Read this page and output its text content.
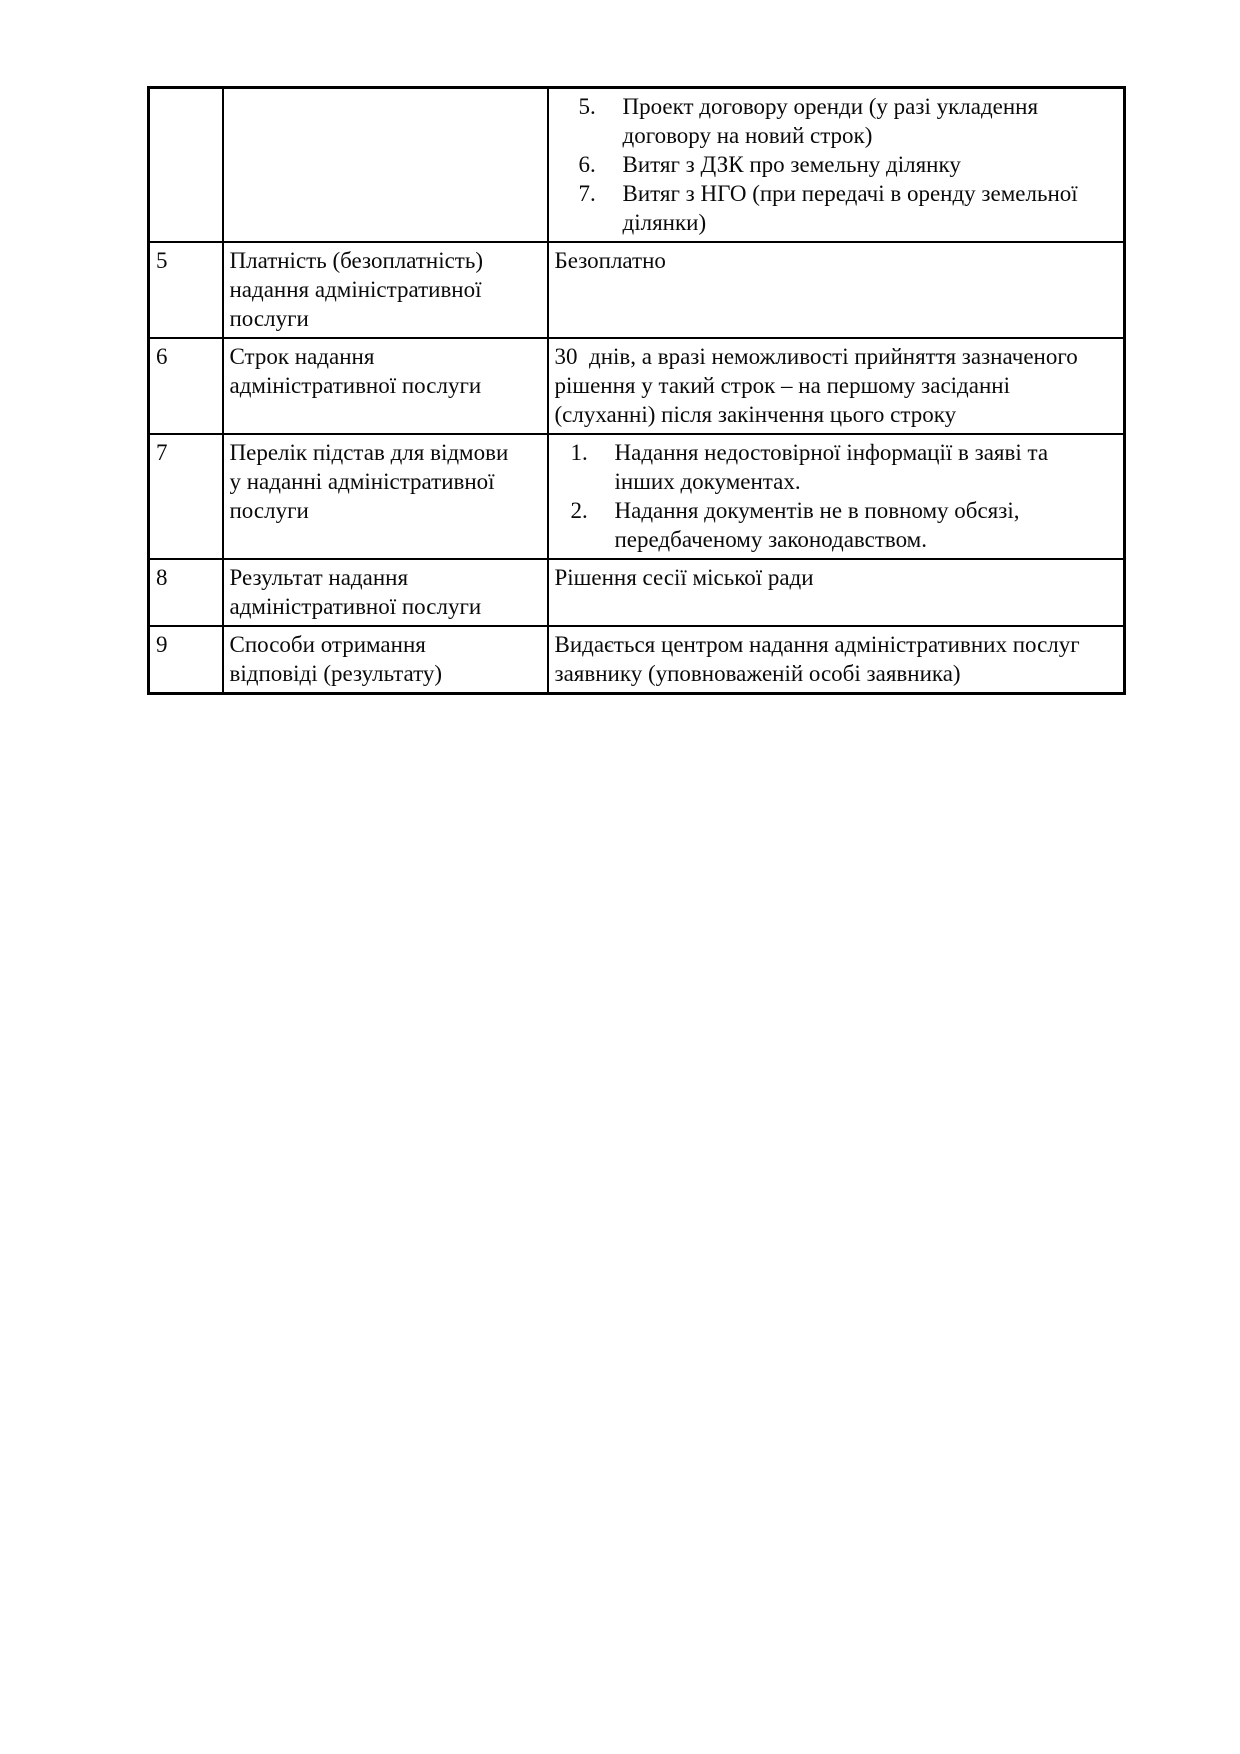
5.	Проект договору оренди (у разі укладення договору на новий строк)
6.	Витяг з ДЗК про земельну ділянку
7.	Витяг з НГО (при передачі в оренду земельної ділянки)

5	Платність (безоплатність) надання адміністративної послуги	Безоплатно

6	Строк надання адміністративної послуги	30  днів, а вразі неможливості прийняття зазначеного рішення у такий строк – на першому засіданні (слуханні) після закінчення цього строку

7	Перелік підстав для відмови у наданні адміністративної послуги	1. Надання недостовірної інформації в заяві та інших документах.
2. Надання документів не в повному обсязі, передбаченому законодавством.

8	Результат надання адміністративної послуги	Рішення сесії міської ради

9	Способи отримання відповіді (результату)	Видається центром надання адміністративних послуг заявнику (уповноваженій особі заявника)
